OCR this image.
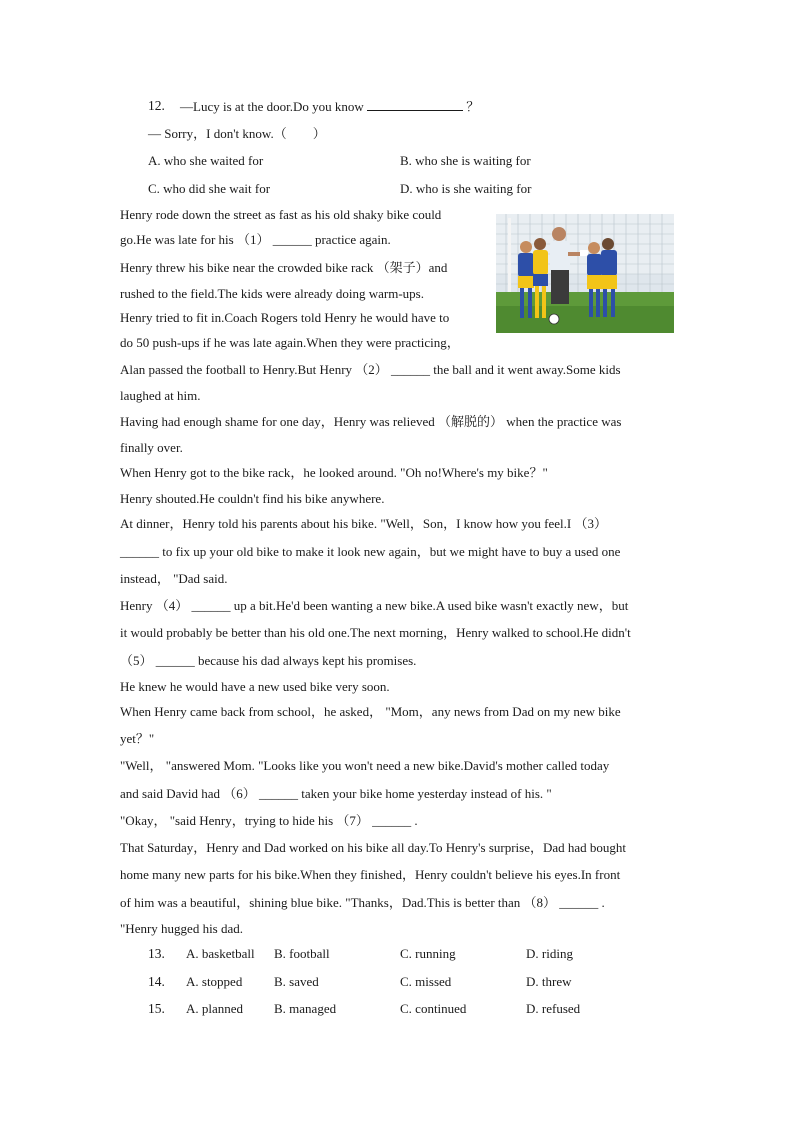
12. —Lucy is at the door.Do you know	？
— Sorry，I don't know.（　　）
A. who she waited for	B. who she is waiting for
C. who did she wait for	D. who is she waiting for
Henry rode down the street as fast as his old shaky bike could
go.He was late for his （1） ______ practice again.
Henry threw his bike near the crowded bike rack （架子）and
rushed to the field.The kids were already doing warm-ups.
Henry tried to fit in.Coach Rogers told Henry he would have to
do 50 push-ups if he was late again.When they were practicing，
Alan passed the football to Henry.But Henry （2） ______ the ball and it went away.Some kids
laughed at him.
Having had enough shame for one day，Henry was relieved （解脱的） when the practice was
finally over.
When Henry got to the bike rack，he looked around. "Oh no!Where's my bike？"
Henry shouted.He couldn't find his bike anywhere.
At dinner，Henry told his parents about his bike. "Well，Son，I know how you feel.I （3）
______ to fix up your old bike to make it look new again，but we might have to buy a used one
instead， "Dad said.
Henry （4） ______ up a bit.He'd been wanting a new bike.A used bike wasn't exactly new，but
it would probably be better than his old one.The next morning，Henry walked to school.He didn't
（5） ______ because his dad always kept his promises.
He knew he would have a new used bike very soon.
When Henry came back from school，he asked， "Mom，any news from Dad on my new bike
yet？"
"Well， "answered Mom. "Looks like you won't need a new bike.David's mother called today
and said David had （6） ______ taken your bike home yesterday instead of his. "
"Okay， "said Henry，trying to hide his （7） ______ .
That Saturday，Henry and Dad worked on his bike all day.To Henry's surprise，Dad had bought
home many new parts for his bike.When they finished，Henry couldn't believe his eyes.In front
of him was a beautiful，shining blue bike. "Thanks，Dad.This is better than （8） ______ .
"Henry hugged his dad.
13. A. basketball B. football	C. running	D. riding
14. A. stopped B. saved	C. missed	D. threw
15. A. planned B. managed	C. continued	D. refused
